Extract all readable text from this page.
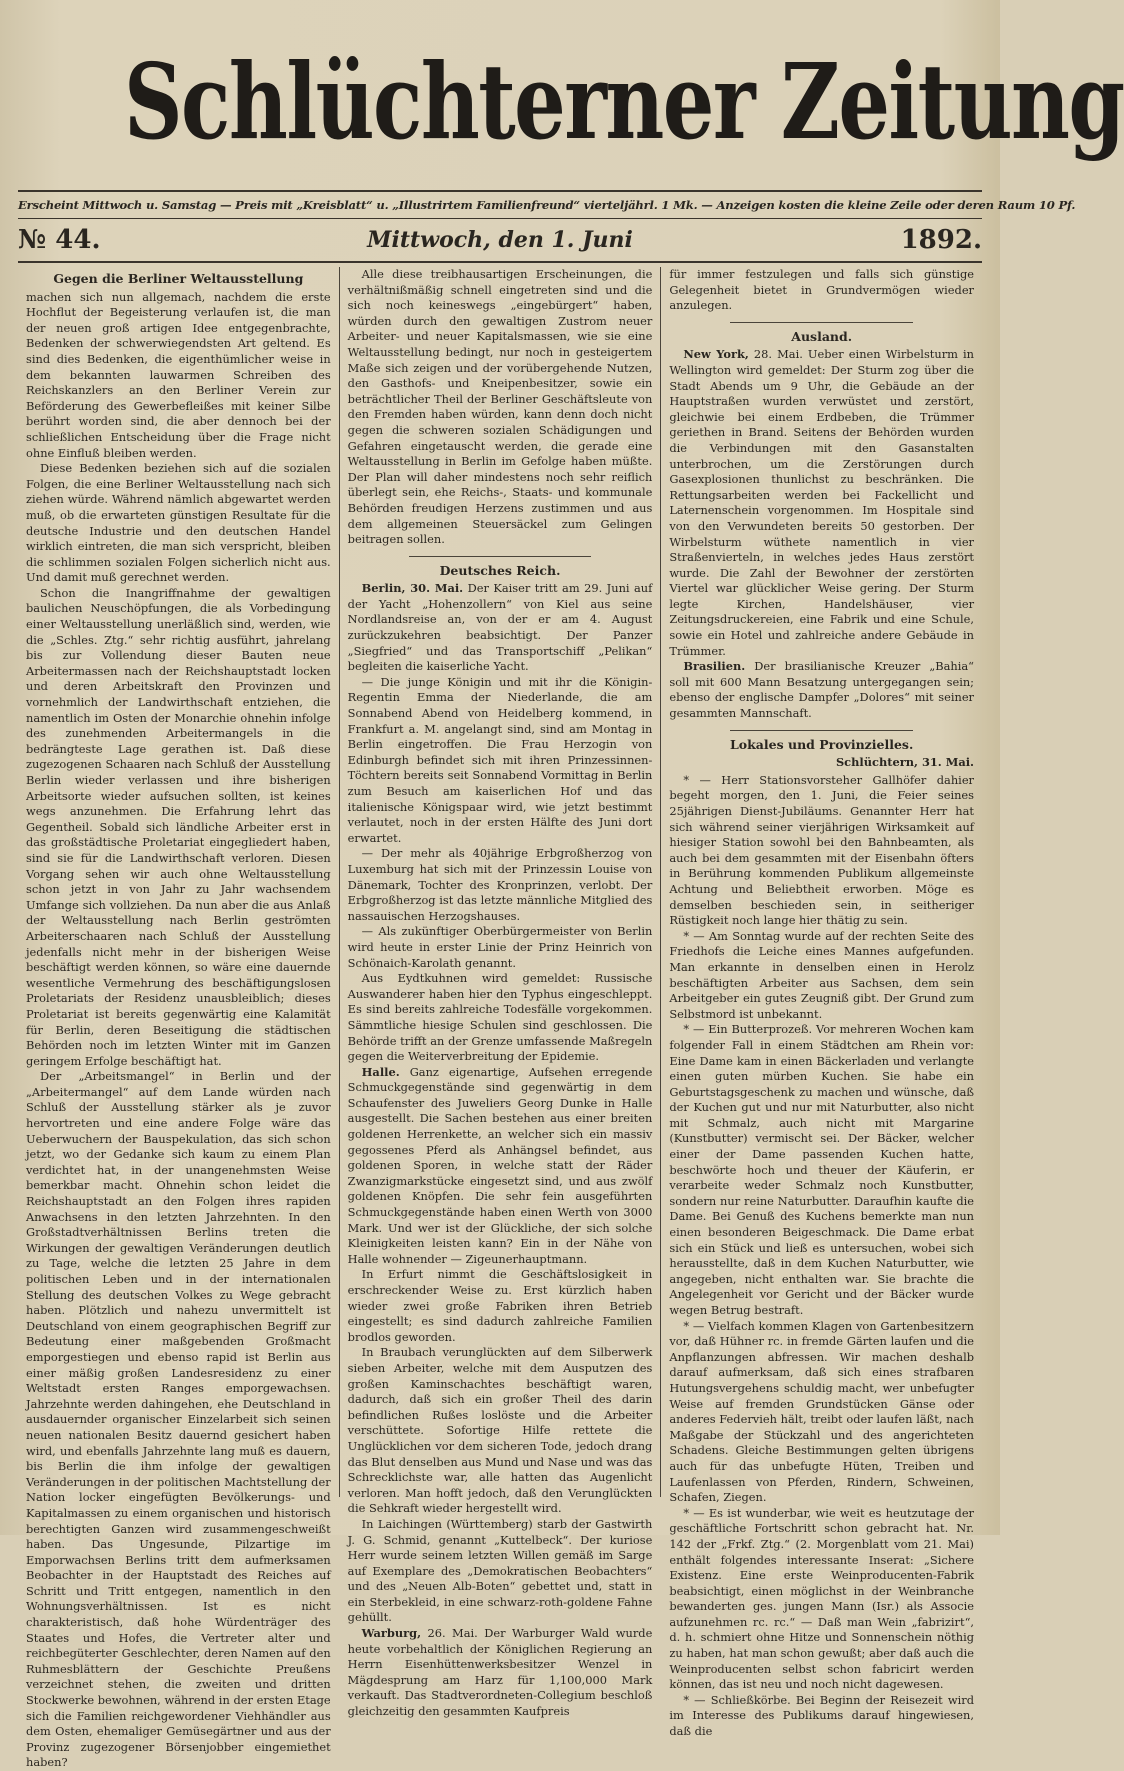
Schlüchterner Zeitung
Erscheint Mittwoch u. Samstag — Preis mit „Kreisblatt“ u. „Illustrirtem Familienfreund“ vierteljährl. 1 Mk. — Anzeigen kosten die kleine Zeile oder deren Raum 10 Pf.
№ 44.	Mittwoch, den 1. Juni	1892.
Gegen die Berliner Weltausstellung

machen sich nun allgemach, nachdem die erste Hochflut der Begeisterung verlaufen ist, die man der neuen groß artigen Idee entgegenbrachte, Bedenken der schwerwiegendsten Art geltend. Es sind dies Bedenken, die eigenthümlicher weise in dem bekannten lauwarmen Schreiben des Reichskanzlers an den Berliner Verein zur Beförderung des Gewerbefleißes mit keiner Silbe berührt worden sind, die aber dennoch bei der schließlichen Entscheidung über die Frage nicht ohne Einfluß bleiben werden.

Diese Bedenken beziehen sich auf die sozialen Folgen, die eine Berliner Weltausstellung nach sich ziehen würde. Während nämlich abgewartet werden muß, ob die erwarteten günstigen Resultate für die deutsche Industrie und den deutschen Handel wirklich eintreten, die man sich verspricht, bleiben die schlimmen sozialen Folgen sicherlich nicht aus. Und damit muß gerechnet werden.

Schon die Inangriffnahme der gewaltigen baulichen Neuschöpfungen, die als Vorbedingung einer Weltausstellung unerläßlich sind, werden, wie die „Schles. Ztg.“ sehr richtig ausführt, jahrelang bis zur Vollendung dieser Bauten neue Arbeitermassen nach der Reichshauptstadt locken und deren Arbeitskraft den Provinzen und vornehmlich der Landwirthschaft entziehen, die namentlich im Osten der Monarchie ohnehin infolge des zunehmenden Arbeitermangels in die bedrängteste Lage gerathen ist. Daß diese zugezogenen Schaaren nach Schluß der Ausstellung Berlin wieder verlassen und ihre bisherigen Arbeitsorte wieder aufsuchen sollten, ist keines wegs anzunehmen. Die Erfahrung lehrt das Gegentheil. Sobald sich ländliche Arbeiter erst in das großstädtische Proletariat eingegliedert haben, sind sie für die Landwirthschaft verloren. Diesen Vorgang sehen wir auch ohne Weltausstellung schon jetzt in von Jahr zu Jahr wachsendem Umfange sich vollziehen. Da nun aber die aus Anlaß der Weltausstellung nach Berlin geströmten Arbeiterschaaren nach Schluß der Ausstellung jedenfalls nicht mehr in der bisherigen Weise beschäftigt werden können, so wäre eine dauernde wesentliche Vermehrung des beschäftigungslosen Proletariats der Residenz unausbleiblich; dieses Proletariat ist bereits gegenwärtig eine Kalamität für Berlin, deren Beseitigung die städtischen Behörden noch im letzten Winter mit im Ganzen geringem Erfolge beschäftigt hat.

Der „Arbeitsmangel“ in Berlin und der „Arbeitermangel“ auf dem Lande würden nach Schluß der Ausstellung stärker als je zuvor hervortreten und eine andere Folge wäre das Ueberwuchern der Bauspekulation, das sich schon jetzt, wo der Gedanke sich kaum zu einem Plan verdichtet hat, in der unangenehmsten Weise bemerkbar macht. Ohnehin schon leidet die Reichshauptstadt an den Folgen ihres rapiden Anwachsens in den letzten Jahrzehnten. In den Großstadtverhältnissen Berlins treten die Wirkungen der gewaltigen Veränderungen deutlich zu Tage, welche die letzten 25 Jahre in dem politischen Leben und in der internationalen Stellung des deutschen Volkes zu Wege gebracht haben. Plötzlich und nahezu unvermittelt ist Deutschland von einem geographischen Begriff zur Bedeutung einer maßgebenden Großmacht emporgestiegen und ebenso rapid ist Berlin aus einer mäßig großen Landesresidenz zu einer Weltstadt ersten Ranges emporgewachsen. Jahrzehnte werden dahingehen, ehe Deutschland in ausdauernder organischer Einzelarbeit sich seinen neuen nationalen Besitz dauernd gesichert haben wird, und ebenfalls Jahrzehnte lang muß es dauern, bis Berlin die ihm infolge der gewaltigen Veränderungen in der politischen Machtstellung der Nation locker eingefügten Bevölkerungs- und Kapitalmassen zu einem organischen und historisch berechtigten Ganzen wird zusammengeschweißt haben. Das Ungesunde, Pilzartige im Emporwachsen Berlins tritt dem aufmerksamen Beobachter in der Hauptstadt des Reiches auf Schritt und Tritt entgegen, namentlich in den Wohnungsverhältnissen. Ist es nicht charakteristisch, daß hohe Würdenträger des Staates und Hofes, die Vertreter alter und reichbegüterter Geschlechter, deren Namen auf den Ruhmesblättern der Geschichte Preußens verzeichnet stehen, die zweiten und dritten Stockwerke bewohnen, während in der ersten Etage sich die Familien reichgewordener Viehhändler aus dem Osten, ehemaliger Gemüsegärtner und aus der Provinz zugezogener Börsenjobber eingemiethet haben?

Alle diese treibhausartigen Erscheinungen, die verhältnißmäßig schnell eingetreten sind und die sich noch keineswegs „eingebürgert“ haben, würden durch den gewaltigen Zustrom neuer Arbeiter- und neuer Kapitalsmassen, wie sie eine Weltausstellung bedingt, nur noch in gesteigertem Maße sich zeigen und der vorübergehende Nutzen, den Gasthofs- und Kneipenbesitzer, sowie ein beträchtlicher Theil der Berliner Geschäftsleute von den Fremden haben würden, kann denn doch nicht gegen die schweren sozialen Schädigungen und Gefahren eingetauscht werden, die gerade eine Weltausstellung in Berlin im Gefolge haben müßte. Der Plan will daher mindestens noch sehr reiflich überlegt sein, ehe Reichs-, Staats- und kommunale Behörden freudigen Herzens zustimmen und aus dem allgemeinen Steuersäckel zum Gelingen beitragen sollen.

Deutsches Reich.

Berlin, 30. Mai. Der Kaiser tritt am 29. Juni auf der Yacht „Hohenzollern“ von Kiel aus seine Nordlandsreise an, von der er am 4. August zurückzukehren beabsichtigt. Der Panzer „Siegfried“ und das Transportschiff „Pelikan“ begleiten die kaiserliche Yacht.

— Die junge Königin und mit ihr die Königin-Regentin Emma der Niederlande, die am Sonnabend Abend von Heidelberg kommend, in Frankfurt a. M. angelangt sind, sind am Montag in Berlin eingetroffen. Die Frau Herzogin von Edinburgh befindet sich mit ihren Prinzessinnen-Töchtern bereits seit Sonnabend Vormittag in Berlin zum Besuch am kaiserlichen Hof und das italienische Königspaar wird, wie jetzt bestimmt verlautet, noch in der ersten Hälfte des Juni dort erwartet.

— Der mehr als 40jährige Erbgroßherzog von Luxemburg hat sich mit der Prinzessin Louise von Dänemark, Tochter des Kronprinzen, verlobt. Der Erbgroßherzog ist das letzte männliche Mitglied des nassauischen Herzogshauses.

— Als zukünftiger Oberbürgermeister von Berlin wird heute in erster Linie der Prinz Heinrich von Schönaich-Karolath genannt.

Aus Eydtkuhnen wird gemeldet: Russische Auswanderer haben hier den Typhus eingeschleppt. Es sind bereits zahlreiche Todesfälle vorgekommen. Sämmtliche hiesige Schulen sind geschlossen. Die Behörde trifft an der Grenze umfassende Maßregeln gegen die Weiterverbreitung der Epidemie.

Halle. Ganz eigenartige, Aufsehen erregende Schmuckgegenstände sind gegenwärtig in dem Schaufenster des Juweliers Georg Dunke in Halle ausgestellt. Die Sachen bestehen aus einer breiten goldenen Herrenkette, an welcher sich ein massiv gegossenes Pferd als Anhängsel befindet, aus goldenen Sporen, in welche statt der Räder Zwanzigmarkstücke eingesetzt sind, und aus zwölf goldenen Knöpfen. Die sehr fein ausgeführten Schmuckgegenstände haben einen Werth von 3000 Mark. Und wer ist der Glückliche, der sich solche Kleinigkeiten leisten kann? Ein in der Nähe von Halle wohnender — Zigeunerhauptmann.

In Erfurt nimmt die Geschäftslosigkeit in erschreckender Weise zu. Erst kürzlich haben wieder zwei große Fabriken ihren Betrieb eingestellt; es sind dadurch zahlreiche Familien brodlos geworden.

In Braubach verunglückten auf dem Silberwerk sieben Arbeiter, welche mit dem Ausputzen des großen Kaminschachtes beschäftigt waren, dadurch, daß sich ein großer Theil des darin befindlichen Rußes loslöste und die Arbeiter verschüttete. Sofortige Hilfe rettete die Unglücklichen vor dem sicheren Tode, jedoch drang das Blut denselben aus Mund und Nase und was das Schrecklichste war, alle hatten das Augenlicht verloren. Man hofft jedoch, daß den Verunglückten die Sehkraft wieder hergestellt wird.

In Laichingen (Württemberg) starb der Gastwirth J. G. Schmid, genannt „Kuttelbeck“. Der kuriose Herr wurde seinem letzten Willen gemäß im Sarge auf Exemplare des „Demokratischen Beobachters“ und des „Neuen Alb-Boten“ gebettet und, statt in ein Sterbekleid, in eine schwarz-roth-goldene Fahne gehüllt.

Warburg, 26. Mai. Der Warburger Wald wurde heute vorbehaltlich der Königlichen Regierung an Herrn Eisenhüttenwerksbesitzer Wenzel in Mägdesprung am Harz für 1,100,000 Mark verkauft. Das Stadtverordneten-Collegium beschloß gleichzeitig den gesammten Kaufpreis

für immer festzulegen und falls sich günstige Gelegenheit bietet in Grundvermögen wieder anzulegen.

Ausland.

New York, 28. Mai. Ueber einen Wirbelsturm in Wellington wird gemeldet: Der Sturm zog über die Stadt Abends um 9 Uhr, die Gebäude an der Hauptstraßen wurden verwüstet und zerstört, gleichwie bei einem Erdbeben, die Trümmer geriethen in Brand. Seitens der Behörden wurden die Verbindungen mit den Gasanstalten unterbrochen, um die Zerstörungen durch Gasexplosionen thunlichst zu beschränken. Die Rettungsarbeiten werden bei Fackellicht und Laternenschein vorgenommen. Im Hospitale sind von den Verwundeten bereits 50 gestorben. Der Wirbelsturm wüthete namentlich in vier Straßenvierteln, in welches jedes Haus zerstört wurde. Die Zahl der Bewohner der zerstörten Viertel war glücklicher Weise gering. Der Sturm legte Kirchen, Handelshäuser, vier Zeitungsdruckereien, eine Fabrik und eine Schule, sowie ein Hotel und zahlreiche andere Gebäude in Trümmer.

Brasilien. Der brasilianische Kreuzer „Bahia“ soll mit 600 Mann Besatzung untergegangen sein; ebenso der englische Dampfer „Dolores“ mit seiner gesammten Mannschaft.

Lokales und Provinzielles.
Schlüchtern, 31. Mai.

* — Herr Stationsvorsteher Gallhöfer dahier begeht morgen, den 1. Juni, die Feier seines 25jährigen Dienst-Jubiläums. Genannter Herr hat sich während seiner vierjährigen Wirksamkeit auf hiesiger Station sowohl bei den Bahnbeamten, als auch bei dem gesammten mit der Eisenbahn öfters in Berührung kommenden Publikum allgemeinste Achtung und Beliebtheit erworben. Möge es demselben beschieden sein, in seitheriger Rüstigkeit noch lange hier thätig zu sein.

* — Am Sonntag wurde auf der rechten Seite des Friedhofs die Leiche eines Mannes aufgefunden. Man erkannte in denselben einen in Herolz beschäftigten Arbeiter aus Sachsen, dem sein Arbeitgeber ein gutes Zeugniß gibt. Der Grund zum Selbstmord ist unbekannt.

* — Ein Butterprozeß. Vor mehreren Wochen kam folgender Fall in einem Städtchen am Rhein vor: Eine Dame kam in einen Bäckerladen und verlangte einen guten mürben Kuchen. Sie habe ein Geburtstagsgeschenk zu machen und wünsche, daß der Kuchen gut und nur mit Naturbutter, also nicht mit Schmalz, auch nicht mit Margarine (Kunstbutter) vermischt sei. Der Bäcker, welcher einer der Dame passenden Kuchen hatte, beschwörte hoch und theuer der Käuferin, er verarbeite weder Schmalz noch Kunstbutter, sondern nur reine Naturbutter. Daraufhin kaufte die Dame. Bei Genuß des Kuchens bemerkte man nun einen besonderen Beigeschmack. Die Dame erbat sich ein Stück und ließ es untersuchen, wobei sich herausstellte, daß in dem Kuchen Naturbutter, wie angegeben, nicht enthalten war. Sie brachte die Angelegenheit vor Gericht und der Bäcker wurde wegen Betrug bestraft.

* — Vielfach kommen Klagen von Gartenbesitzern vor, daß Hühner rc. in fremde Gärten laufen und die Anpflanzungen abfressen. Wir machen deshalb darauf aufmerksam, daß sich eines strafbaren Hutungsvergehens schuldig macht, wer unbefugter Weise auf fremden Grundstücken Gänse oder anderes Federvieh hält, treibt oder laufen läßt, nach Maßgabe der Stückzahl und des angerichteten Schadens. Gleiche Bestimmungen gelten übrigens auch für das unbefugte Hüten, Treiben und Laufenlassen von Pferden, Rindern, Schweinen, Schafen, Ziegen.

* — Es ist wunderbar, wie weit es heutzutage der geschäftliche Fortschritt schon gebracht hat. Nr. 142 der „Frkf. Ztg.“ (2. Morgenblatt vom 21. Mai) enthält folgendes interessante Inserat: „Sichere Existenz. Eine erste Weinproducenten-Fabrik beabsichtigt, einen möglichst in der Weinbranche bewanderten ges. jungen Mann (Isr.) als Associe aufzunehmen rc. rc.“ — Daß man Wein „fabrizirt“, d. h. schmiert ohne Hitze und Sonnenschein nöthig zu haben, hat man schon gewußt; aber daß auch die Weinproducenten selbst schon fabricirt werden können, das ist neu und noch nicht dagewesen.

* — Schließkörbe. Bei Beginn der Reisezeit wird im Interesse des Publikums darauf hingewiesen, daß die
